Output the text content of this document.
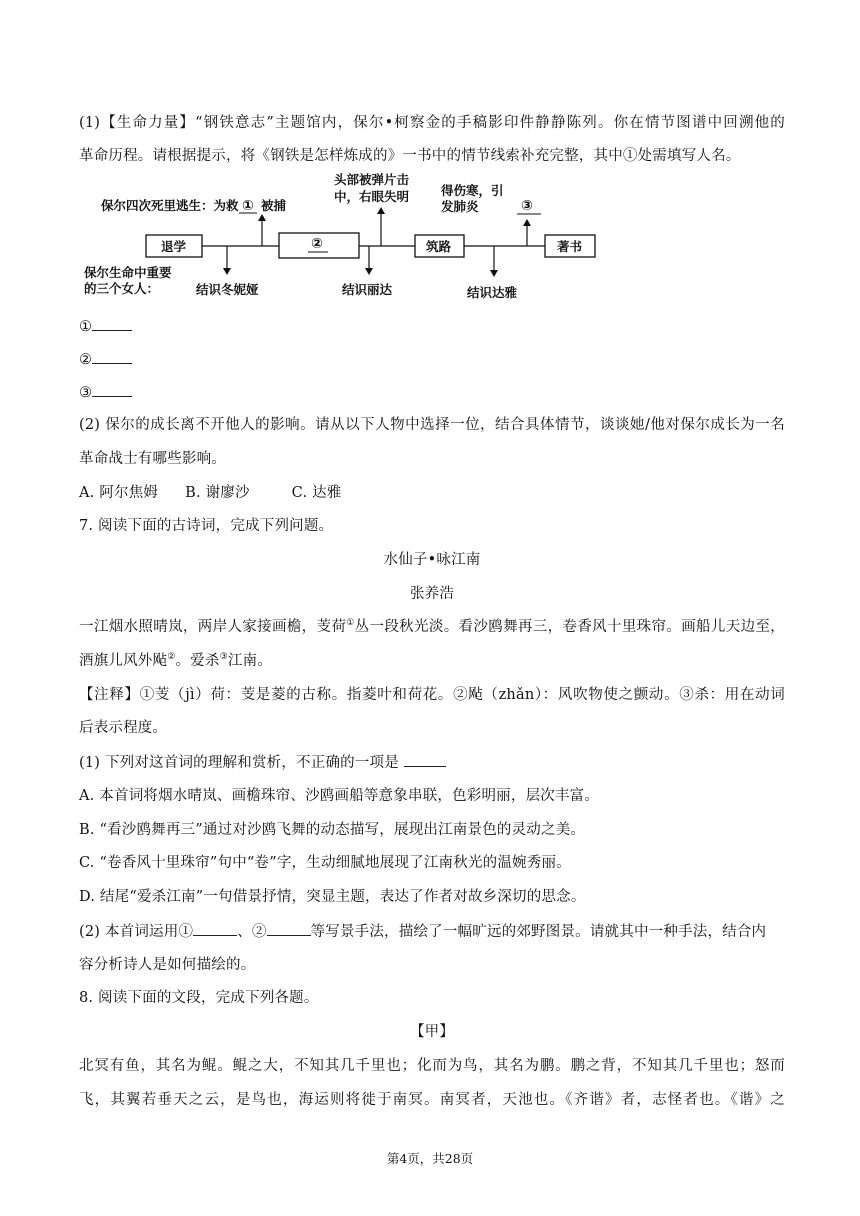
(1)【生命力量】“钢铁意志”主题馆内，保尔•柯察金的手稿影印件静静陈列。你在情节图谱中回溯他的
革命历程。请根据提示，将《钢铁是怎样炼成的》一书中的情节线索补充完整，其中①处需填写人名。
保尔四次死里逃生：为救 ① 被捕
头部被弹片击
中，右眼失明	得伤寒，引
发肺炎	③
退学	②	筑路	著书
保尔生命中重要
的三个女人：	结识冬妮娅	结识丽达	结识达雅
①
②
③
(2) 保尔的成长离不开他人的影响。请从以下人物中选择一位，结合具体情节，谈谈她/他对保尔成长为一名
革命战士有哪些影响。
A. 阿尔焦姆 B. 谢廖沙	C. 达雅
7. 阅读下面的古诗词，完成下列问题。
水仙子•咏江南
张养浩
一江烟水照晴岚，两岸人家接画檐，芰荷①丛一段秋光淡。看沙鸥舞再三，卷香风十里珠帘。画船儿天边至，
酒旗儿风外飐②。爱杀③江南。
【注释】①芰（jì）荷：芰是菱的古称。指菱叶和荷花。②飐（zhǎn）：风吹物使之颤动。③杀：用在动词
后表示程度。
(1) 下列对这首词的理解和赏析，不正确的一项是
A. 本首词将烟水晴岚、画檐珠帘、沙鸥画船等意象串联，色彩明丽，层次丰富。
B. “看沙鸥舞再三”通过对沙鸥飞舞的动态描写，展现出江南景色的灵动之美。
C. “卷香风十里珠帘”句中“卷”字，生动细腻地展现了江南秋光的温婉秀丽。
D. 结尾“爱杀江南”一句借景抒情，突显主题，表达了作者对故乡深切的思念。
(2) 本首词运用①	、②	等写景手法，描绘了一幅旷远的郊野图景。请就其中一种手法，结合内
容分析诗人是如何描绘的。
8. 阅读下面的文段，完成下列各题。
【甲】
北冥有鱼，其名为鲲。鲲之大，不知其几千里也；化而为鸟，其名为鹏。鹏之背，不知其几千里也；怒而
飞，其翼若垂天之云，是鸟也，海运则将徙于南冥。南冥者，天池也。《齐谐》者，志怪者也。《谐》之
第4页，共28页
